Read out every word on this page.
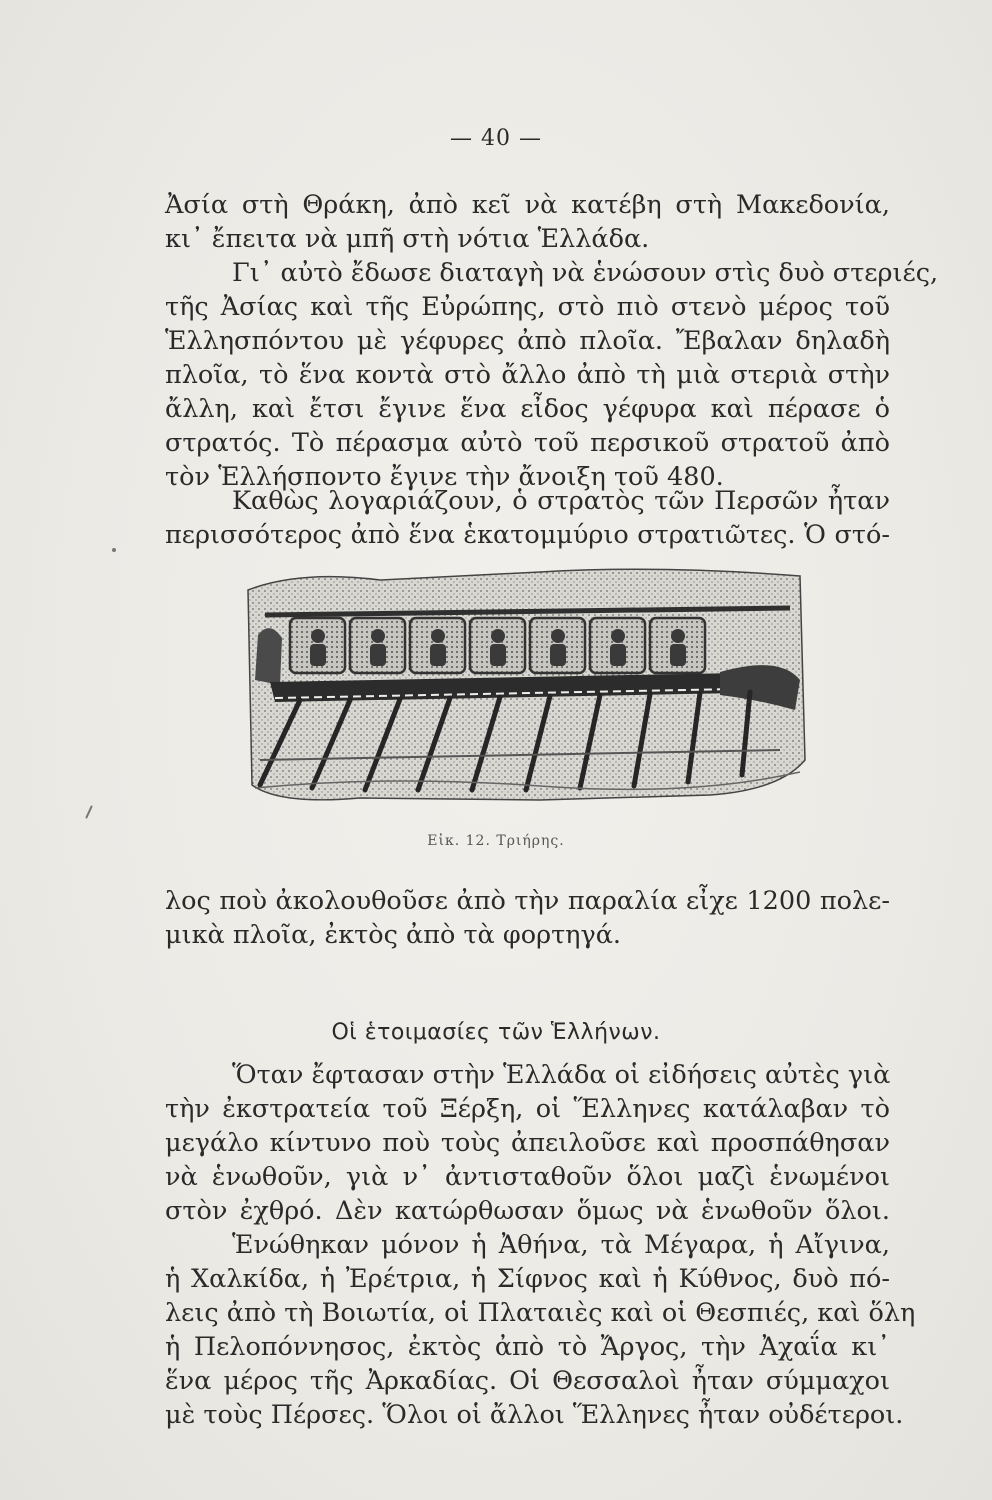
— 40 —
Ἀσία στὴ Θράκη, ἀπὸ κεῖ νὰ κατέβη στὴ Μακεδονία,
κι᾿ ἔπειτα νὰ μπῆ στὴ νότια Ἑλλάδα.
Γι᾿ αὐτὸ ἔδωσε διαταγὴ νὰ ἑνώσουν στὶς δυὸ στεριές,
τῆς Ἀσίας καὶ τῆς Εὐρώπης, στὸ πιὸ στενὸ μέρος τοῦ
Ἑλλησπόντου μὲ γέφυρες ἀπὸ πλοῖα. Ἔβαλαν δηλαδὴ
πλοῖα, τὸ ἕνα κοντὰ στὸ ἄλλο ἀπὸ τὴ μιὰ στεριὰ στὴν
ἄλλη, καὶ ἔτσι ἔγινε ἕνα εἶδος γέφυρα καὶ πέρασε ὁ
στρατός. Τὸ πέρασμα αὐτὸ τοῦ περσικοῦ στρατοῦ ἀπὸ
τὸν Ἑλλήσποντο ἔγινε τὴν ἄνοιξη τοῦ 480.
Καθὼς λογαριάζουν, ὁ στρατὸς τῶν Περσῶν ἦταν
περισσότερος ἀπὸ ἕνα ἑκατομμύριο στρατιῶτες. Ὁ στό-
Εἰκ. 12. Τριήρης.
λος ποὺ ἀκολουθοῦσε ἀπὸ τὴν παραλία εἶχε 1200 πολε-
μικὰ πλοῖα, ἐκτὸς ἀπὸ τὰ φορτηγά.
Οἱ ἑτοιμασίες τῶν Ἑλλήνων.
Ὅταν ἔφτασαν στὴν Ἑλλάδα οἱ εἰδήσεις αὐτὲς γιὰ
τὴν ἐκστρατεία τοῦ Ξέρξη, οἱ Ἕλληνες κατάλαβαν τὸ
μεγάλο κίντυνο ποὺ τοὺς ἀπειλοῦσε καὶ προσπάθησαν
νὰ ἑνωθοῦν, γιὰ ν᾿ ἀντισταθοῦν ὅλοι μαζὶ ἑνωμένοι
στὸν ἐχθρό. Δὲν κατώρθωσαν ὅμως νὰ ἑνωθοῦν ὅλοι.
Ἑνώθηκαν μόνον ἡ Ἀθήνα, τὰ Μέγαρα, ἡ Αἴγινα,
ἡ Χαλκίδα, ἡ Ἐρέτρια, ἡ Σίφνος καὶ ἡ Κύθνος, δυὸ πό-
λεις ἀπὸ τὴ Βοιωτία, οἱ Πλαταιὲς καὶ οἱ Θεσπιές, καὶ ὅλη
ἡ Πελοπόννησος, ἐκτὸς ἀπὸ τὸ Ἄργος, τὴν Ἀχαΐα κι᾿
ἕνα μέρος τῆς Ἀρκαδίας. Οἱ Θεσσαλοὶ ἦταν σύμμαχοι
μὲ τοὺς Πέρσες. Ὅλοι οἱ ἄλλοι Ἕλληνες ἦταν οὐδέτεροι.
